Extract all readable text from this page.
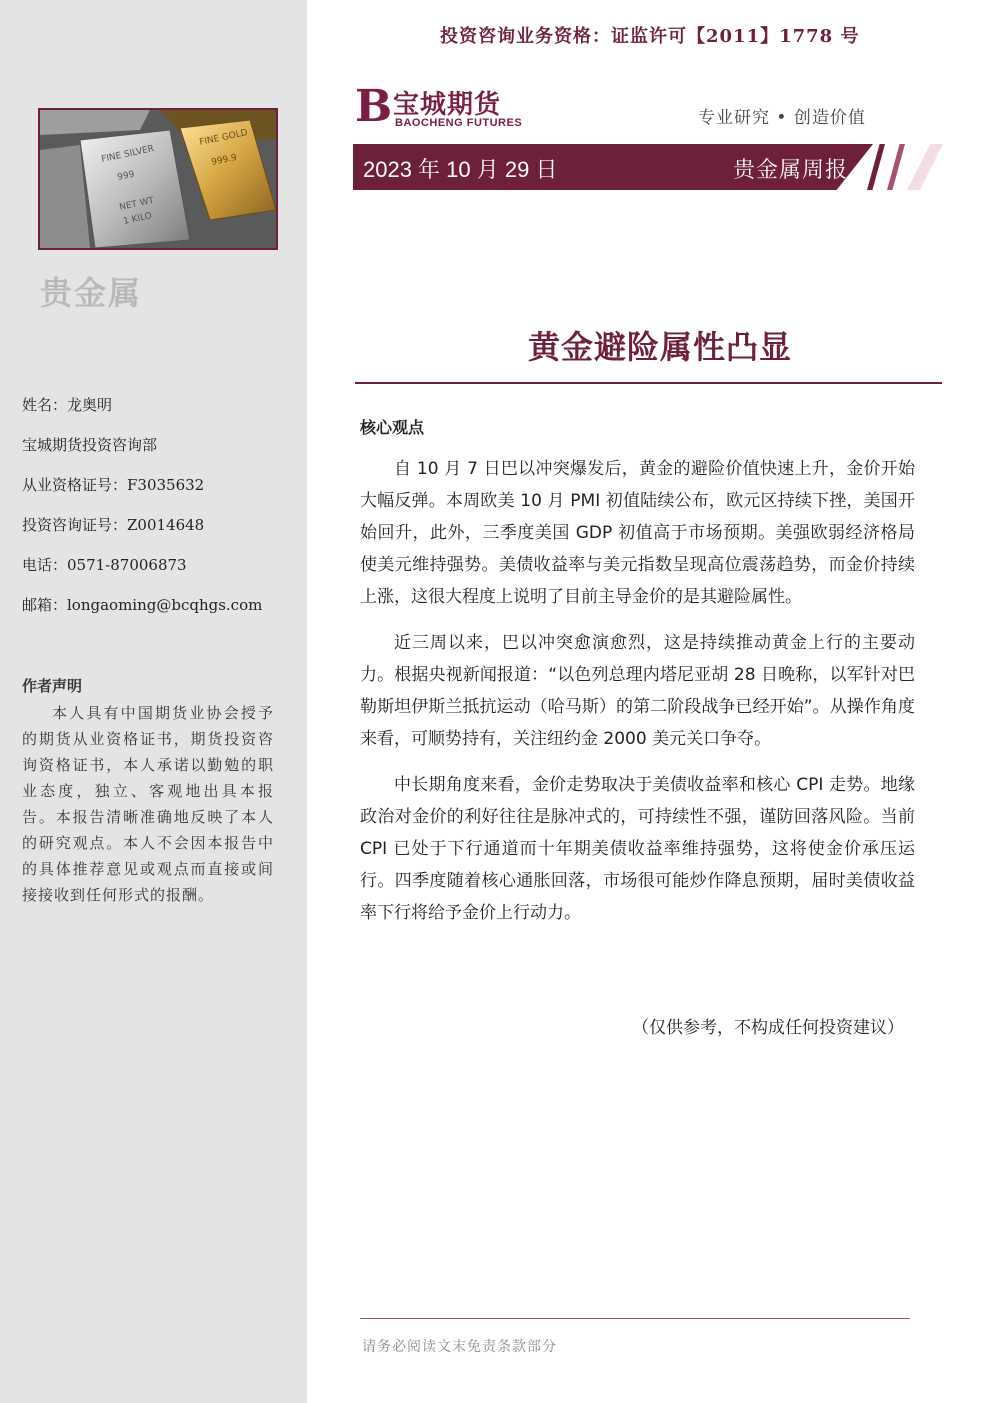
FINE SILVER
999
NET WT
1 KILO
FINE GOLD
999.9
贵金属
姓名：龙奥明
宝城期货投资咨询部
从业资格证号：F3035632
投资咨询证号：Z0014648
电话：0571-87006873
邮箱：longaoming@bcqhgs.com
作者声明
本人具有中国期货业协会授予的期货从业资格证书，期货投资咨询资格证书，本人承诺以勤勉的职业态度，独立、客观地出具本报告。本报告清晰准确地反映了本人的研究观点。本人不会因本报告中的具体推荐意见或观点而直接或间接接收到任何形式的报酬。
投资咨询业务资格：证监许可【2011】1778 号
B 宝城期货
BAOCHENG FUTURES	专业研究 • 创造价值
2023 年 10 月 29 日	贵金属周报
黄金避险属性凸显
核心观点

自 10 月 7 日巴以冲突爆发后，黄金的避险价值快速上升，金价开始大幅反弹。本周欧美 10 月 PMI 初值陆续公布，欧元区持续下挫，美国开始回升，此外，三季度美国 GDP 初值高于市场预期。美强欧弱经济格局使美元维持强势。美债收益率与美元指数呈现高位震荡趋势，而金价持续上涨，这很大程度上说明了目前主导金价的是其避险属性。

近三周以来，巴以冲突愈演愈烈，这是持续推动黄金上行的主要动力。根据央视新闻报道：“以色列总理内塔尼亚胡 28 日晚称，以军针对巴勒斯坦伊斯兰抵抗运动（哈马斯）的第二阶段战争已经开始”。从操作角度来看，可顺势持有，关注纽约金 2000 美元关口争夺。

中长期角度来看，金价走势取决于美债收益率和核心 CPI 走势。地缘政治对金价的利好往往是脉冲式的，可持续性不强，谨防回落风险。当前 CPI 已处于下行通道而十年期美债收益率维持强势，这将使金价承压运行。四季度随着核心通胀回落，市场很可能炒作降息预期，届时美债收益率下行将给予金价上行动力。

（仅供参考，不构成任何投资建议）
请务必阅读文末免责条款部分
